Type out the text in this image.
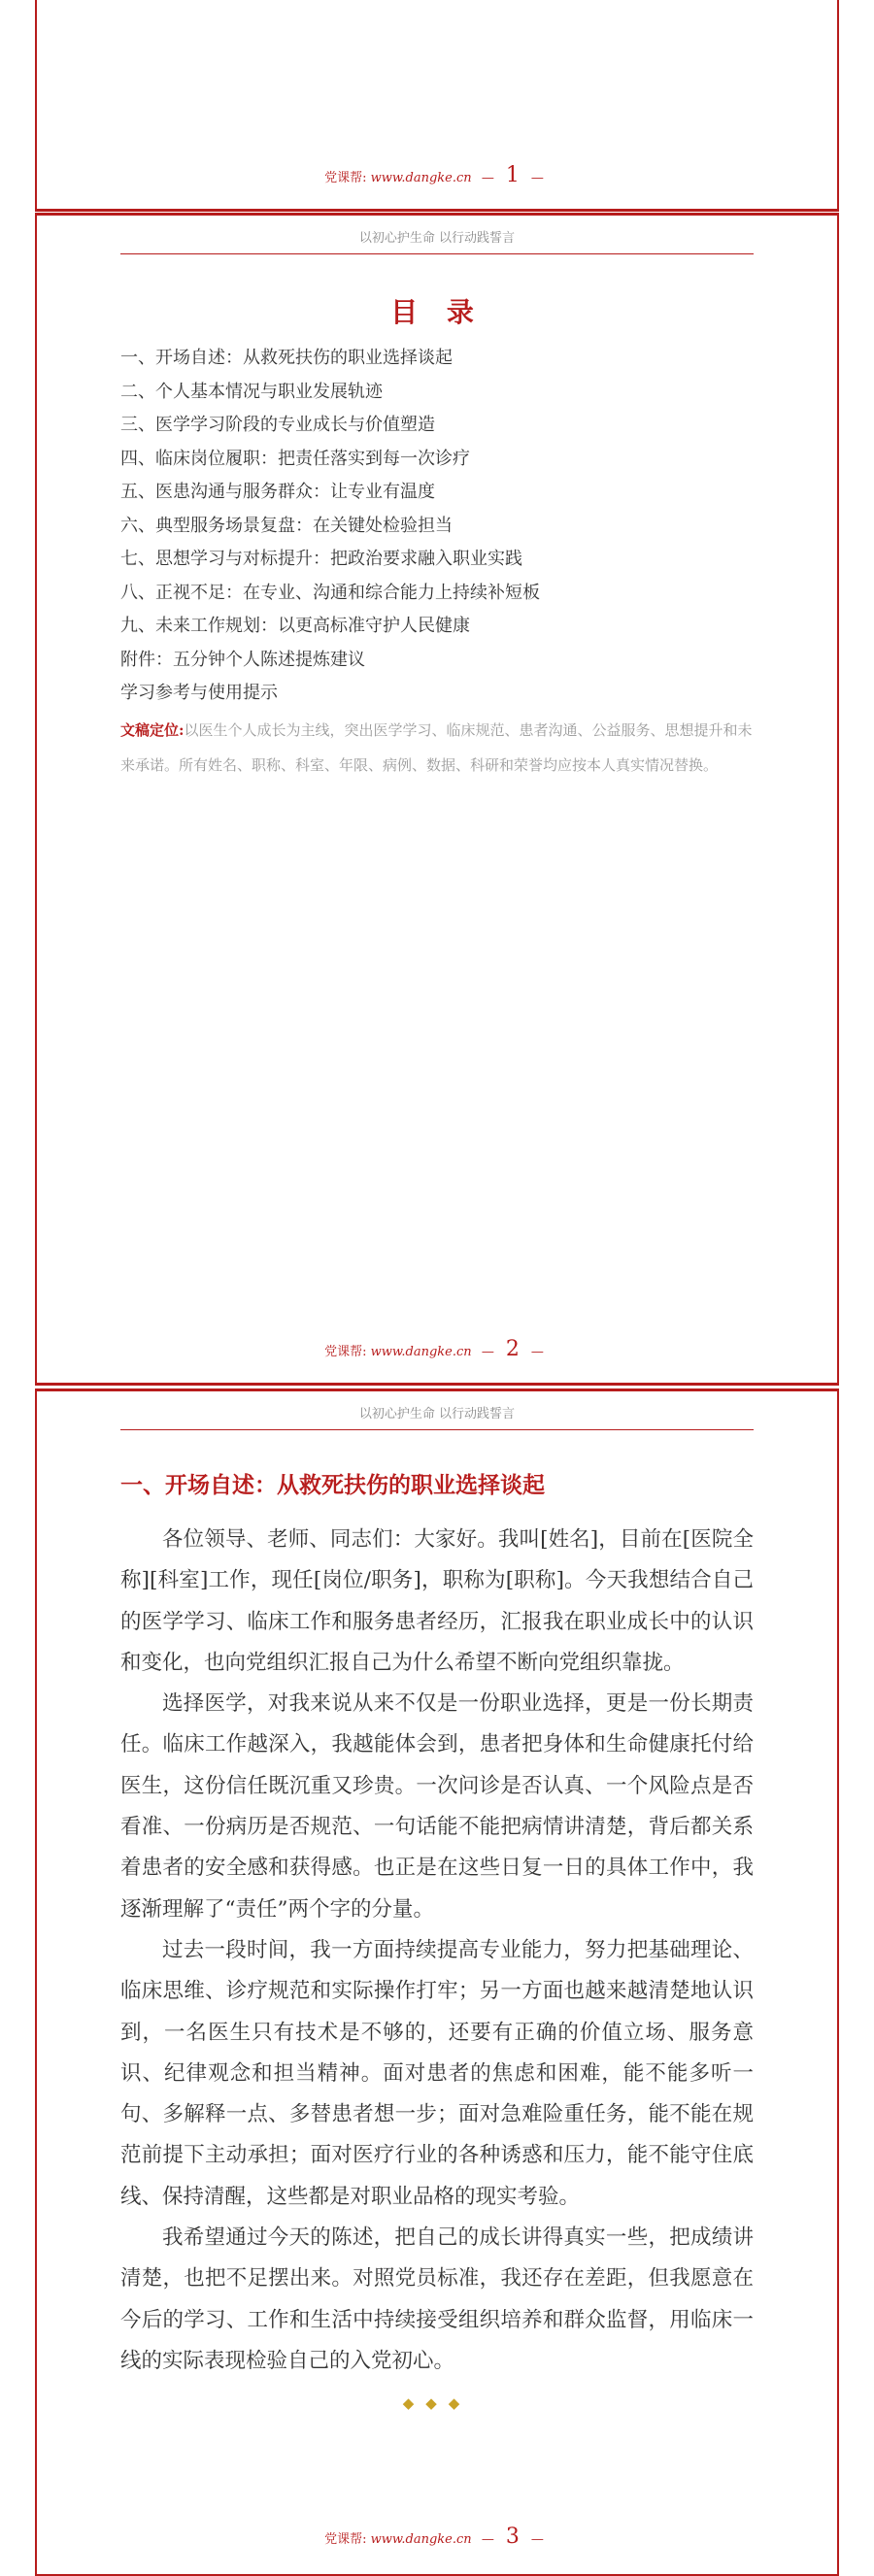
党课帮: www.dangke.cn — 1 —
以初心护生命 以行动践誓言
目 录
一、开场自述：从救死扶伤的职业选择谈起
二、个人基本情况与职业发展轨迹
三、医学学习阶段的专业成长与价值塑造
四、临床岗位履职：把责任落实到每一次诊疗
五、医患沟通与服务群众：让专业有温度
六、典型服务场景复盘：在关键处检验担当
七、思想学习与对标提升：把政治要求融入职业实践
八、正视不足：在专业、沟通和综合能力上持续补短板
九、未来工作规划：以更高标准守护人民健康
附件：五分钟个人陈述提炼建议
学习参考与使用提示
文稿定位:以医生个人成长为主线，突出医学学习、临床规范、患者沟通、公益服务、思想提升和未来承诺。所有姓名、职称、科室、年限、病例、数据、科研和荣誉均应按本人真实情况替换。
党课帮: www.dangke.cn — 2 —
以初心护生命 以行动践誓言
一、开场自述：从救死扶伤的职业选择谈起

各位领导、老师、同志们：大家好。我叫[姓名]，目前在[医院全称][科室]工作，现任[岗位/职务]，职称为[职称]。今天我想结合自己的医学学习、临床工作和服务患者经历，汇报我在职业成长中的认识和变化，也向党组织汇报自己为什么希望不断向党组织靠拢。

选择医学，对我来说从来不仅是一份职业选择，更是一份长期责任。临床工作越深入，我越能体会到，患者把身体和生命健康托付给医生，这份信任既沉重又珍贵。一次问诊是否认真、一个风险点是否看准、一份病历是否规范、一句话能不能把病情讲清楚，背后都关系着患者的安全感和获得感。也正是在这些日复一日的具体工作中，我逐渐理解了“责任”两个字的分量。

过去一段时间，我一方面持续提高专业能力，努力把基础理论、临床思维、诊疗规范和实际操作打牢；另一方面也越来越清楚地认识到，一名医生只有技术是不够的，还要有正确的价值立场、服务意识、纪律观念和担当精神。面对患者的焦虑和困难，能不能多听一句、多解释一点、多替患者想一步；面对急难险重任务，能不能在规范前提下主动承担；面对医疗行业的各种诱惑和压力，能不能守住底线、保持清醒，这些都是对职业品格的现实考验。

我希望通过今天的陈述，把自己的成长讲得真实一些，把成绩讲清楚，也把不足摆出来。对照党员标准，我还存在差距，但我愿意在今后的学习、工作和生活中持续接受组织培养和群众监督，用临床一线的实际表现检验自己的入党初心。

◆◆◆
党课帮: www.dangke.cn — 3 —
